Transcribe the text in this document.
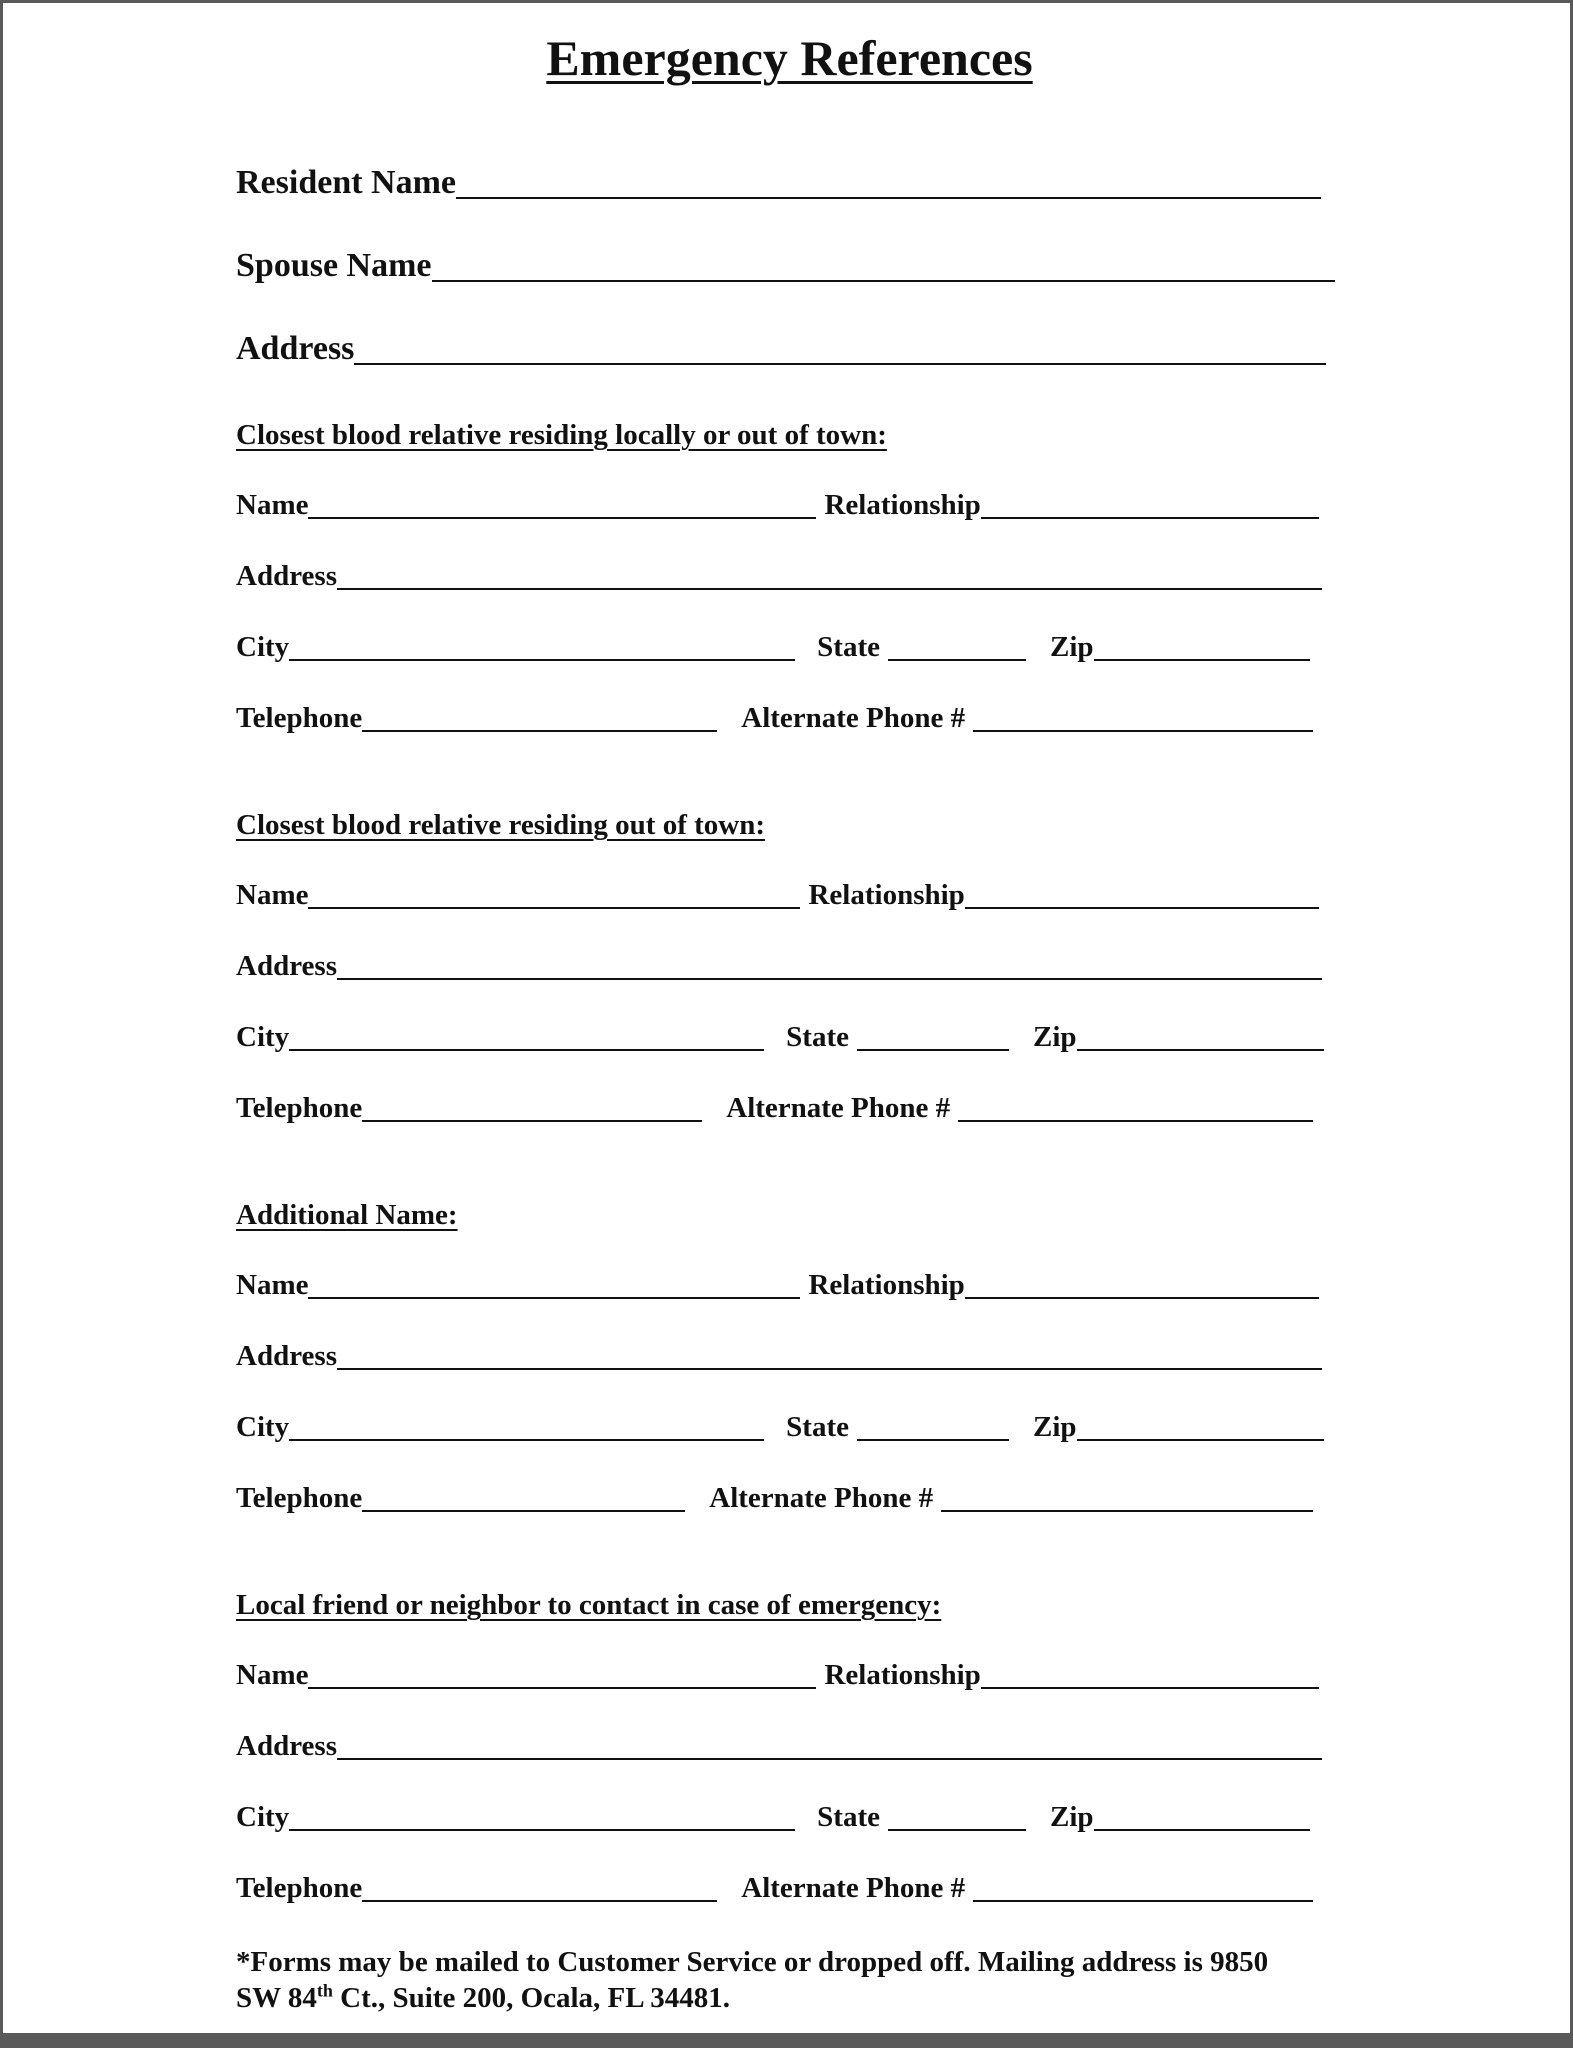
Emergency References
Resident Name
Spouse Name
Address
Closest blood relative residing locally or out of town:
Name	Relationship
Address
City	State	Zip
Telephone	Alternate Phone #
Closest blood relative residing out of town:
Name	Relationship
Address
City	State	Zip
Telephone	Alternate Phone #
Additional Name:
Name	Relationship
Address
City	State	Zip
Telephone	Alternate Phone #
Local friend or neighbor to contact in case of emergency:
Name	Relationship
Address
City	State	Zip
Telephone	Alternate Phone #
*Forms may be mailed to Customer Service or dropped off. Mailing address is 9850
SW 84th Ct., Suite 200, Ocala, FL 34481.
